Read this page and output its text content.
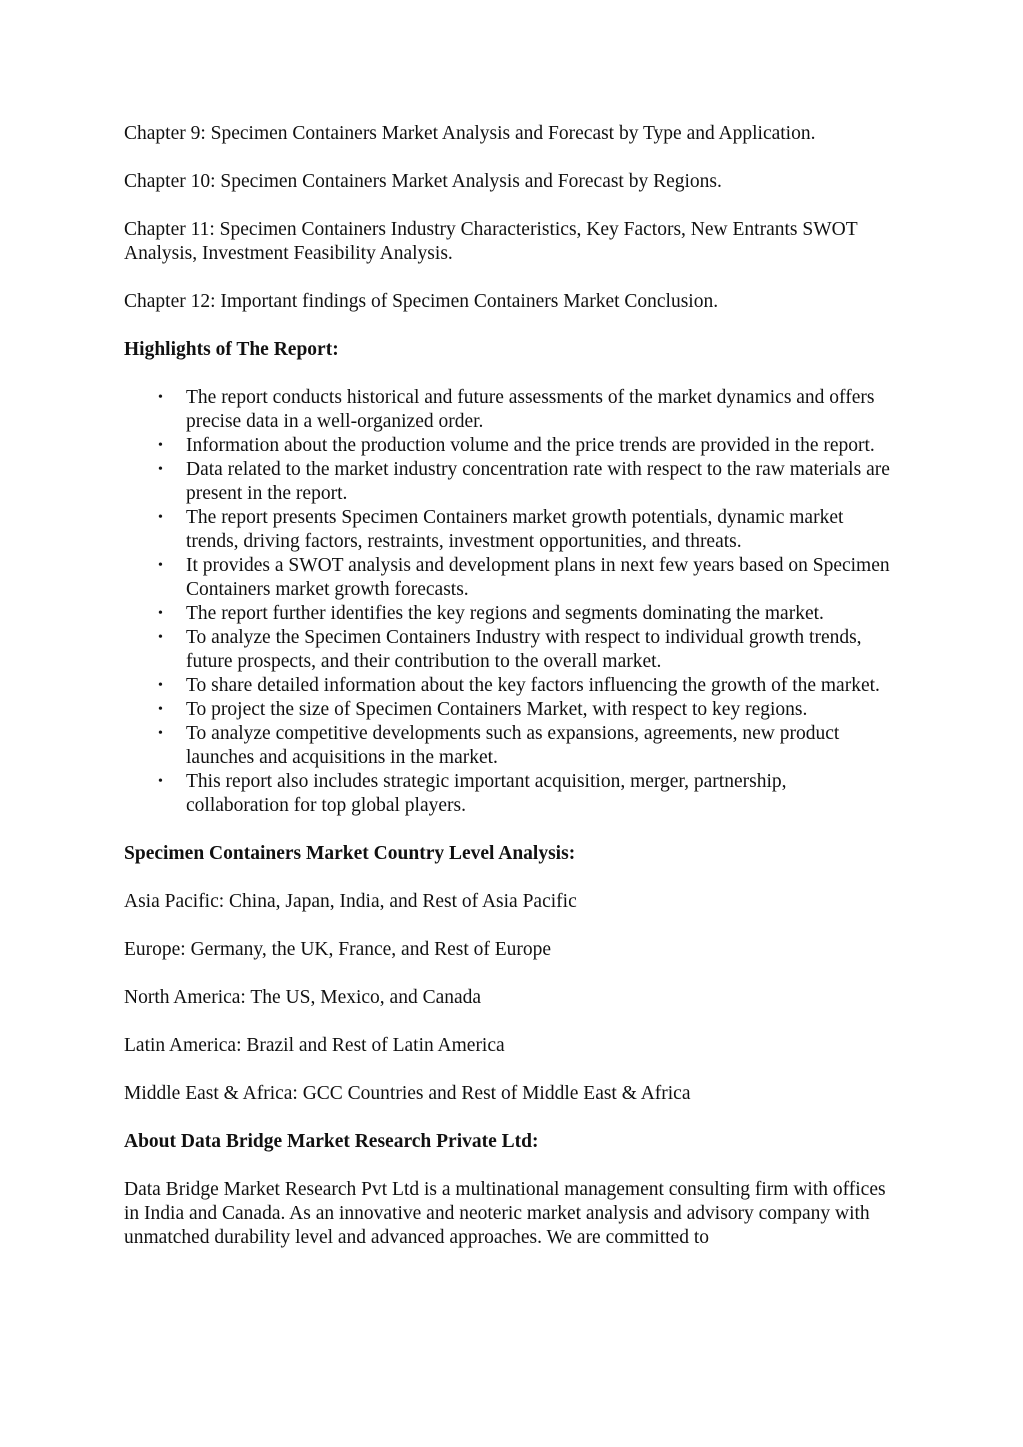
Chapter 9: Specimen Containers Market Analysis and Forecast by Type and Application.

Chapter 10: Specimen Containers Market Analysis and Forecast by Regions.

Chapter 11: Specimen Containers Industry Characteristics, Key Factors, New Entrants SWOT Analysis, Investment Feasibility Analysis.

Chapter 12: Important findings of Specimen Containers Market Conclusion.

Highlights of The Report:

• The report conducts historical and future assessments of the market dynamics and offers precise data in a well-organized order.
• Information about the production volume and the price trends are provided in the report.
• Data related to the market industry concentration rate with respect to the raw materials are present in the report.
• The report presents Specimen Containers market growth potentials, dynamic market trends, driving factors, restraints, investment opportunities, and threats.
• It provides a SWOT analysis and development plans in next few years based on Specimen Containers market growth forecasts.
• The report further identifies the key regions and segments dominating the market.
• To analyze the Specimen Containers Industry with respect to individual growth trends, future prospects, and their contribution to the overall market.
• To share detailed information about the key factors influencing the growth of the market.
• To project the size of Specimen Containers Market, with respect to key regions.
• To analyze competitive developments such as expansions, agreements, new product launches and acquisitions in the market.
• This report also includes strategic important acquisition, merger, partnership, collaboration for top global players.

Specimen Containers Market Country Level Analysis:

Asia Pacific: China, Japan, India, and Rest of Asia Pacific

Europe: Germany, the UK, France, and Rest of Europe

North America: The US, Mexico, and Canada

Latin America: Brazil and Rest of Latin America

Middle East & Africa: GCC Countries and Rest of Middle East & Africa

About Data Bridge Market Research Private Ltd:

Data Bridge Market Research Pvt Ltd is a multinational management consulting firm with offices in India and Canada. As an innovative and neoteric market analysis and advisory company with unmatched durability level and advanced approaches. We are committed to
